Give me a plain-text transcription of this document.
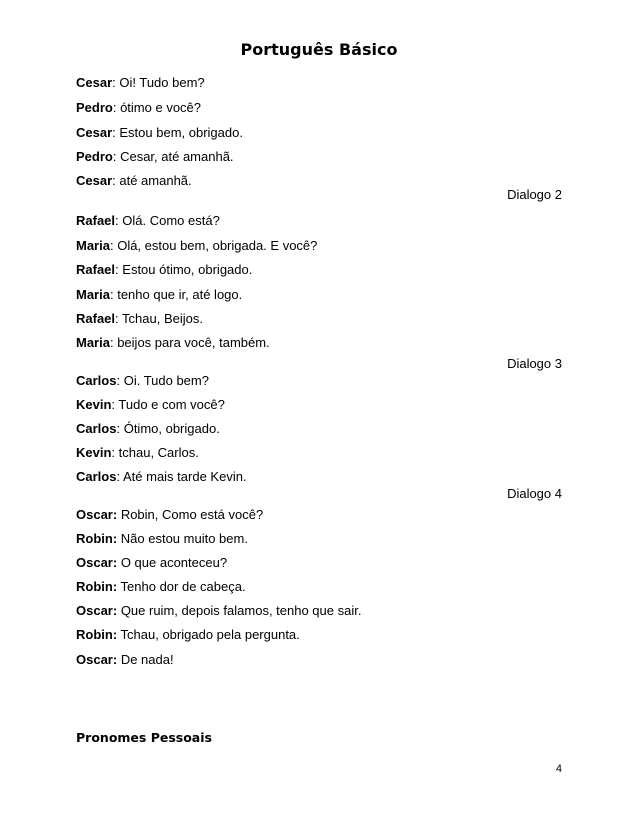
Português Básico
Cesar: Oi! Tudo bem?
Pedro: ótimo e você?
Cesar: Estou bem, obrigado.
Pedro: Cesar, até amanhã.
Cesar: até amanhã.
Dialogo 2
Rafael: Olá. Como está?
Maria: Olá, estou bem, obrigada. E você?
Rafael: Estou ótimo, obrigado.
Maria: tenho que ir, até logo.
Rafael: Tchau, Beijos.
Maria: beijos para você, também.
Dialogo 3
Carlos: Oi. Tudo bem?
Kevin: Tudo e com você?
Carlos: Ótimo, obrigado.
Kevin: tchau, Carlos.
Carlos: Até mais tarde Kevin.
Dialogo 4
Oscar: Robin, Como está você?
Robin: Não estou muito bem.
Oscar: O que aconteceu?
Robin: Tenho dor de cabeça.
Oscar: Que ruim, depois falamos, tenho que sair.
Robin: Tchau, obrigado pela pergunta.
Oscar: De nada!
Pronomes Pessoais
4
